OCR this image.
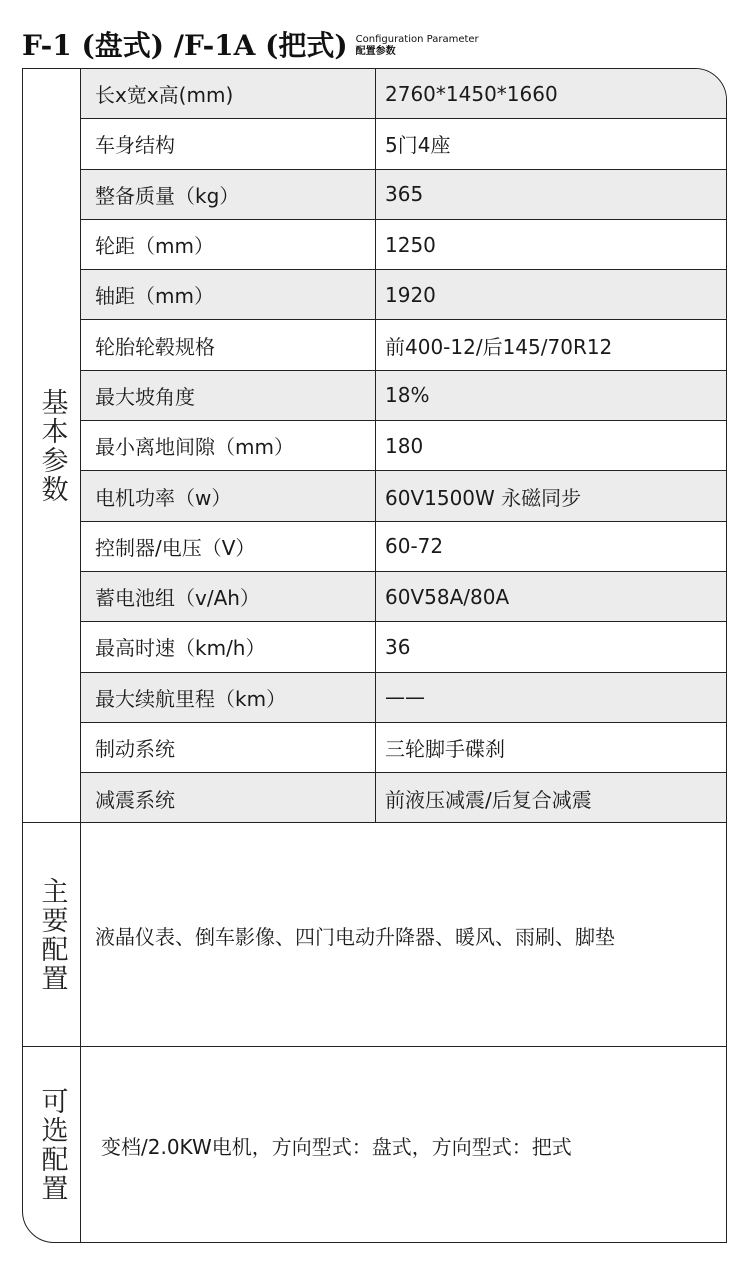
F-1 (盘式) /F-1A (把式) Configuration Parameter
配置参数
基本参数
长x宽x高(mm)	2760*1450*1660
车身结构	5门4座
整备质量（kg）	365
轮距（mm）	1250
轴距（mm）	1920
轮胎轮毂规格	前400-12/后145/70R12
最大坡角度	18%
最小离地间隙（mm）	180
电机功率（w）	60V1500W 永磁同步
控制器/电压（V）	60-72
蓄电池组（v/Ah）	60V58A/80A
最高时速（km/h）	36
最大续航里程（km）	——
制动系统	三轮脚手碟刹
减震系统	前液压减震/后复合减震
主要配置	液晶仪表、倒车影像、四门电动升降器、暖风、雨刷、脚垫
可选配置	变档/2.0KW电机，方向型式：盘式，方向型式：把式
